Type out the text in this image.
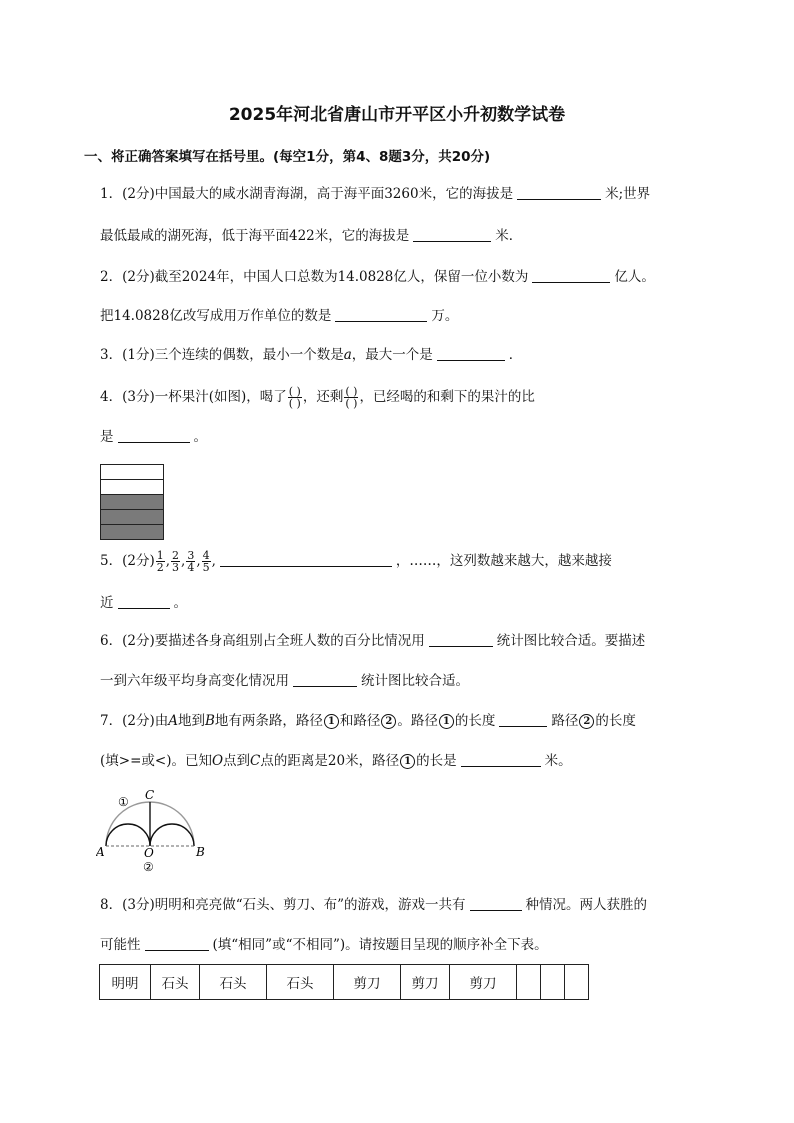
2025年河北省唐山市开平区小升初数学试卷
一、将正确答案填写在括号里。(每空1分，第4、8题3分，共20分)
1．(2分)中国最大的咸水湖青海湖，高于海平面3260米，它的海拔是	米;世界
最低最咸的湖死海，低于海平面422米，它的海拔是	米．
2．(2分)截至2024年，中国人口总数为14.0828亿人，保留一位小数为	亿人。
把14.0828亿改写成用万作单位的数是	万。
3．(1分)三个连续的偶数，最小一个数是a，最大一个是	．
4．(3分)一杯果汁(如图)，喝了 $\frac{( )}{( )}$ ，还剩 $\frac{( )}{( )}$ ，已经喝的和剩下的果汁的比
是	。
5．(2分) $\frac{1}{2}$ , $\frac{2}{3}$ , $\frac{3}{4}$ , $\frac{4}{5}$ ,	，……，这列数越来越大，越来越接
近	。
6．(2分)要描述各身高组别占全班人数的百分比情况用	统计图比较合适。要描述
一到六年级平均身高变化情况用	统计图比较合适。
7．(2分)由A地到B地有两条路，路径 1 和路径 2 。路径 1 的长度	路径 2 的长度
(填>=或<)。已知O点到C点的距离是20米，路径 1 的长是	米。
① C
A	O	B
②
8．(3分)明明和亮亮做“石头、剪刀、布”的游戏，游戏一共有	种情况。两人获胜的
可能性	(填“相同”或“不相同”)。请按题目呈现的顺序补全下表。
明明	石头	石头	石头	剪刀	剪刀	剪刀			
